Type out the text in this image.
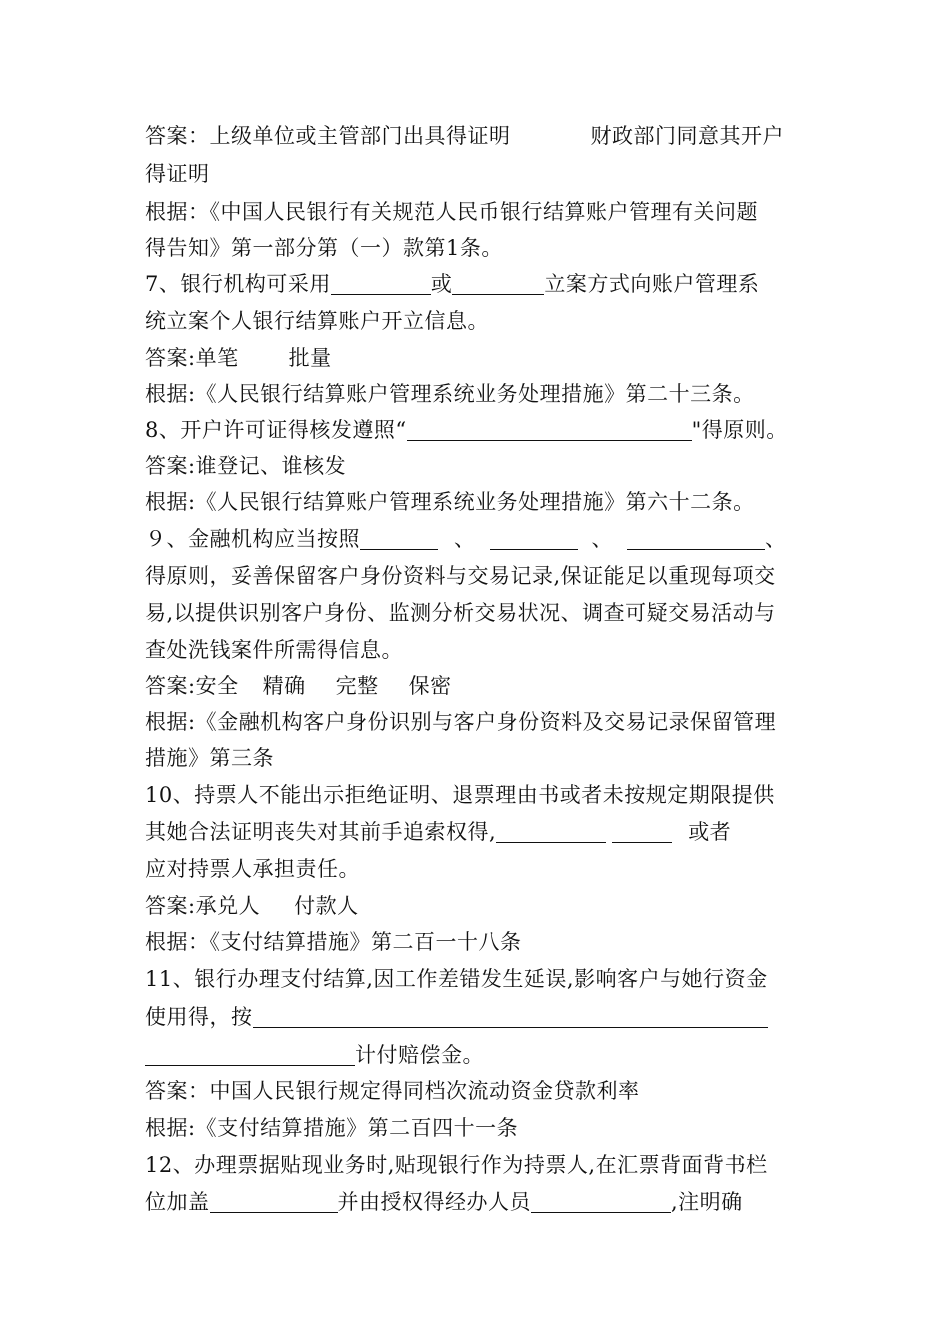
答案：上级单位或主管部门出具得证明	财政部门同意其开户
得证明
根据：《中国人民银行有关规范人民币银行结算账户管理有关问题
得告知》第一部分第（一）款第1条。
7、银行机构可采用	或	立案方式向账户管理系
统立案个人银行结算账户开立信息。
答案:单笔 批量
根据:《人民银行结算账户管理系统业务处理措施》第二十三条。
8、开户许可证得核发遵照“	"得原则。
答案:谁登记、谁核发
根据:《人民银行结算账户管理系统业务处理措施》第六十二条。
９、金融机构应当按照	、	、	、
得原则，妥善保留客户身份资料与交易记录,保证能足以重现每项交
易,以提供识别客户身份、监测分析交易状况、调查可疑交易活动与
查处洗钱案件所需得信息。
答案:安全 精确 完整 保密
根据:《金融机构客户身份识别与客户身份资料及交易记录保留管理
措施》第三条
10、持票人不能出示拒绝证明、退票理由书或者未按规定期限提供
其她合法证明丧失对其前手追索权得,	或者
应对持票人承担责任。
答案:承兑人 付款人
根据：《支付结算措施》第二百一十八条
11、银行办理支付结算,因工作差错发生延误,影响客户与她行资金
使用得，按
计付赔偿金。
答案：中国人民银行规定得同档次流动资金贷款利率
根据:《支付结算措施》第二百四十一条
12、办理票据贴现业务时,贴现银行作为持票人,在汇票背面背书栏
位加盖	并由授权得经办人员	,注明确
